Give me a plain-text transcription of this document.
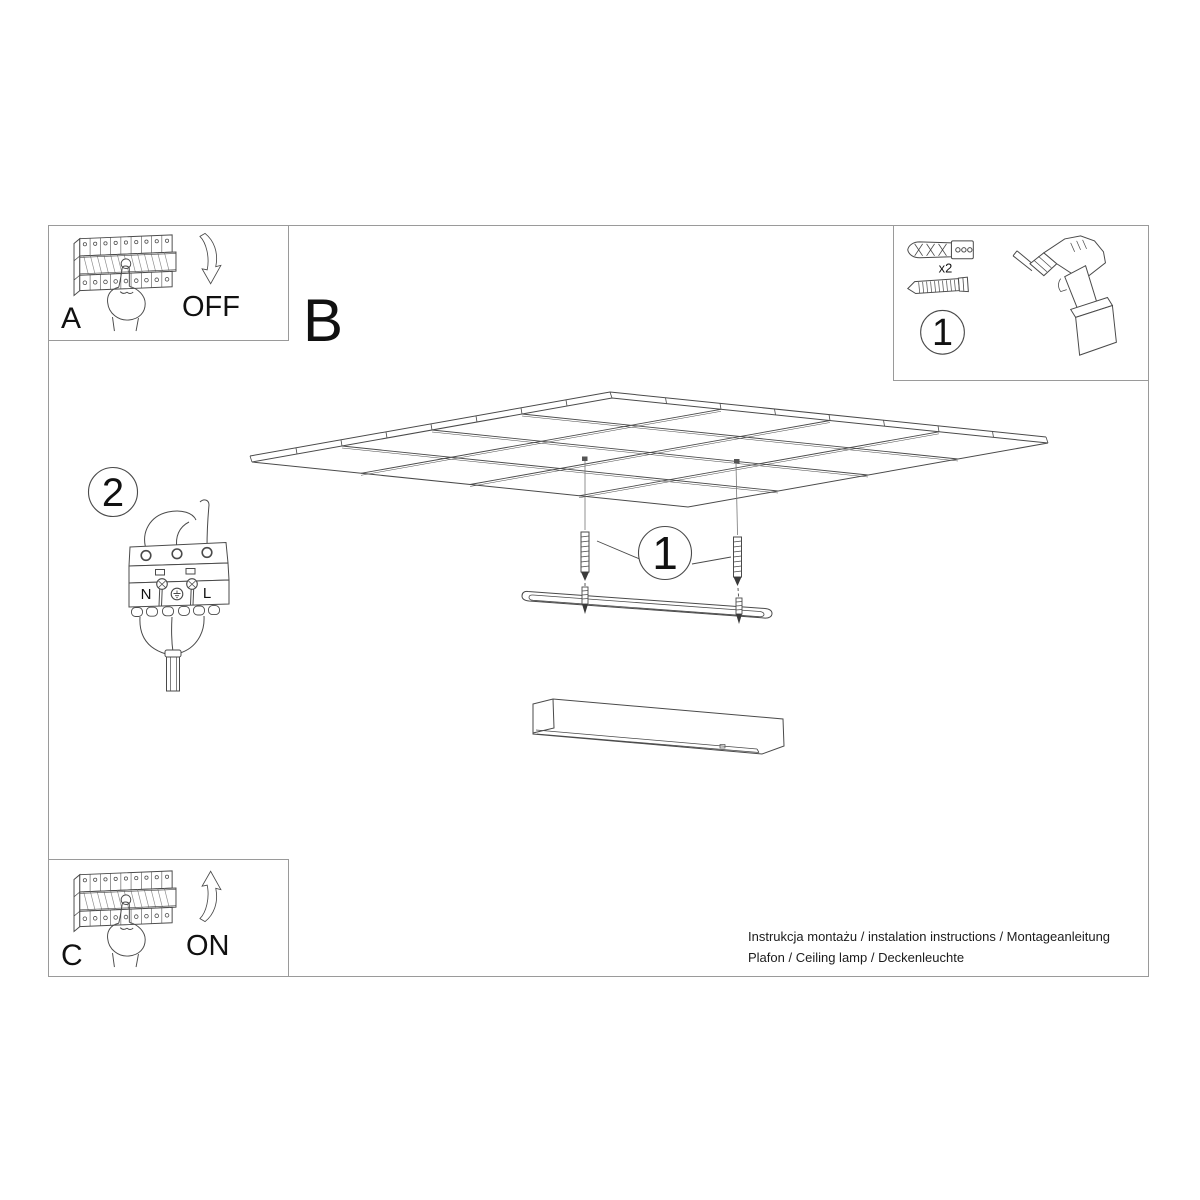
A	OFF B
x2
1
2
N	L
1
C	ON	Instrukcja montażu / instalation instructions / Montageanleitung
Plafon / Ceiling lamp / Deckenleuchte
